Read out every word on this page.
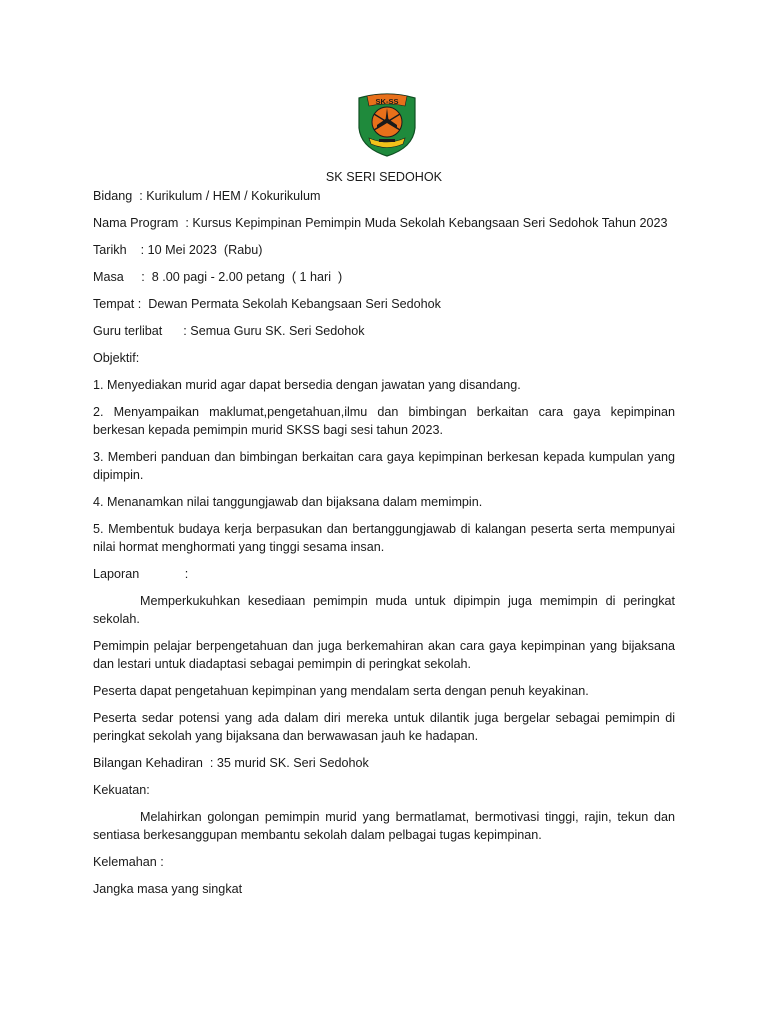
SK-SS

SK SERI SEDOHOK

Bidang  : Kurikulum / HEM / Kokurikulum

Nama Program  : Kursus Kepimpinan Pemimpin Muda Sekolah Kebangsaan Seri Sedohok Tahun 2023

Tarikh    : 10 Mei 2023  (Rabu)

Masa     :  8 .00 pagi - 2.00 petang  ( 1 hari  )

Tempat :  Dewan Permata Sekolah Kebangsaan Seri Sedohok

Guru terlibat      : Semua Guru SK. Seri Sedohok

Objektif:

1. Menyediakan murid agar dapat bersedia dengan jawatan yang disandang.

2. Menyampaikan maklumat,pengetahuan,ilmu dan bimbingan berkaitan cara gaya kepimpinan berkesan kepada pemimpin murid SKSS bagi sesi tahun 2023.

3. Memberi panduan dan bimbingan berkaitan cara gaya kepimpinan berkesan kepada kumpulan yang dipimpin.

4. Menanamkan nilai tanggungjawab dan bijaksana dalam memimpin.

5. Membentuk budaya kerja berpasukan dan bertanggungjawab di kalangan peserta serta mempunyai nilai hormat menghormati yang tinggi sesama insan.

Laporan             :

Memperkukuhkan kesediaan pemimpin muda untuk dipimpin juga memimpin di peringkat sekolah.

Pemimpin pelajar berpengetahuan dan juga berkemahiran akan cara gaya kepimpinan yang bijaksana dan lestari untuk diadaptasi sebagai pemimpin di peringkat sekolah.

Peserta dapat pengetahuan kepimpinan yang mendalam serta dengan penuh keyakinan.

Peserta sedar potensi yang ada dalam diri mereka untuk dilantik juga bergelar sebagai pemimpin di peringkat sekolah yang bijaksana dan berwawasan jauh ke hadapan.

Bilangan Kehadiran  : 35 murid SK. Seri Sedohok

Kekuatan:

Melahirkan golongan pemimpin murid yang bermatlamat, bermotivasi tinggi, rajin, tekun dan sentiasa berkesanggupan membantu sekolah dalam pelbagai tugas kepimpinan.

Kelemahan :

Jangka masa yang singkat
